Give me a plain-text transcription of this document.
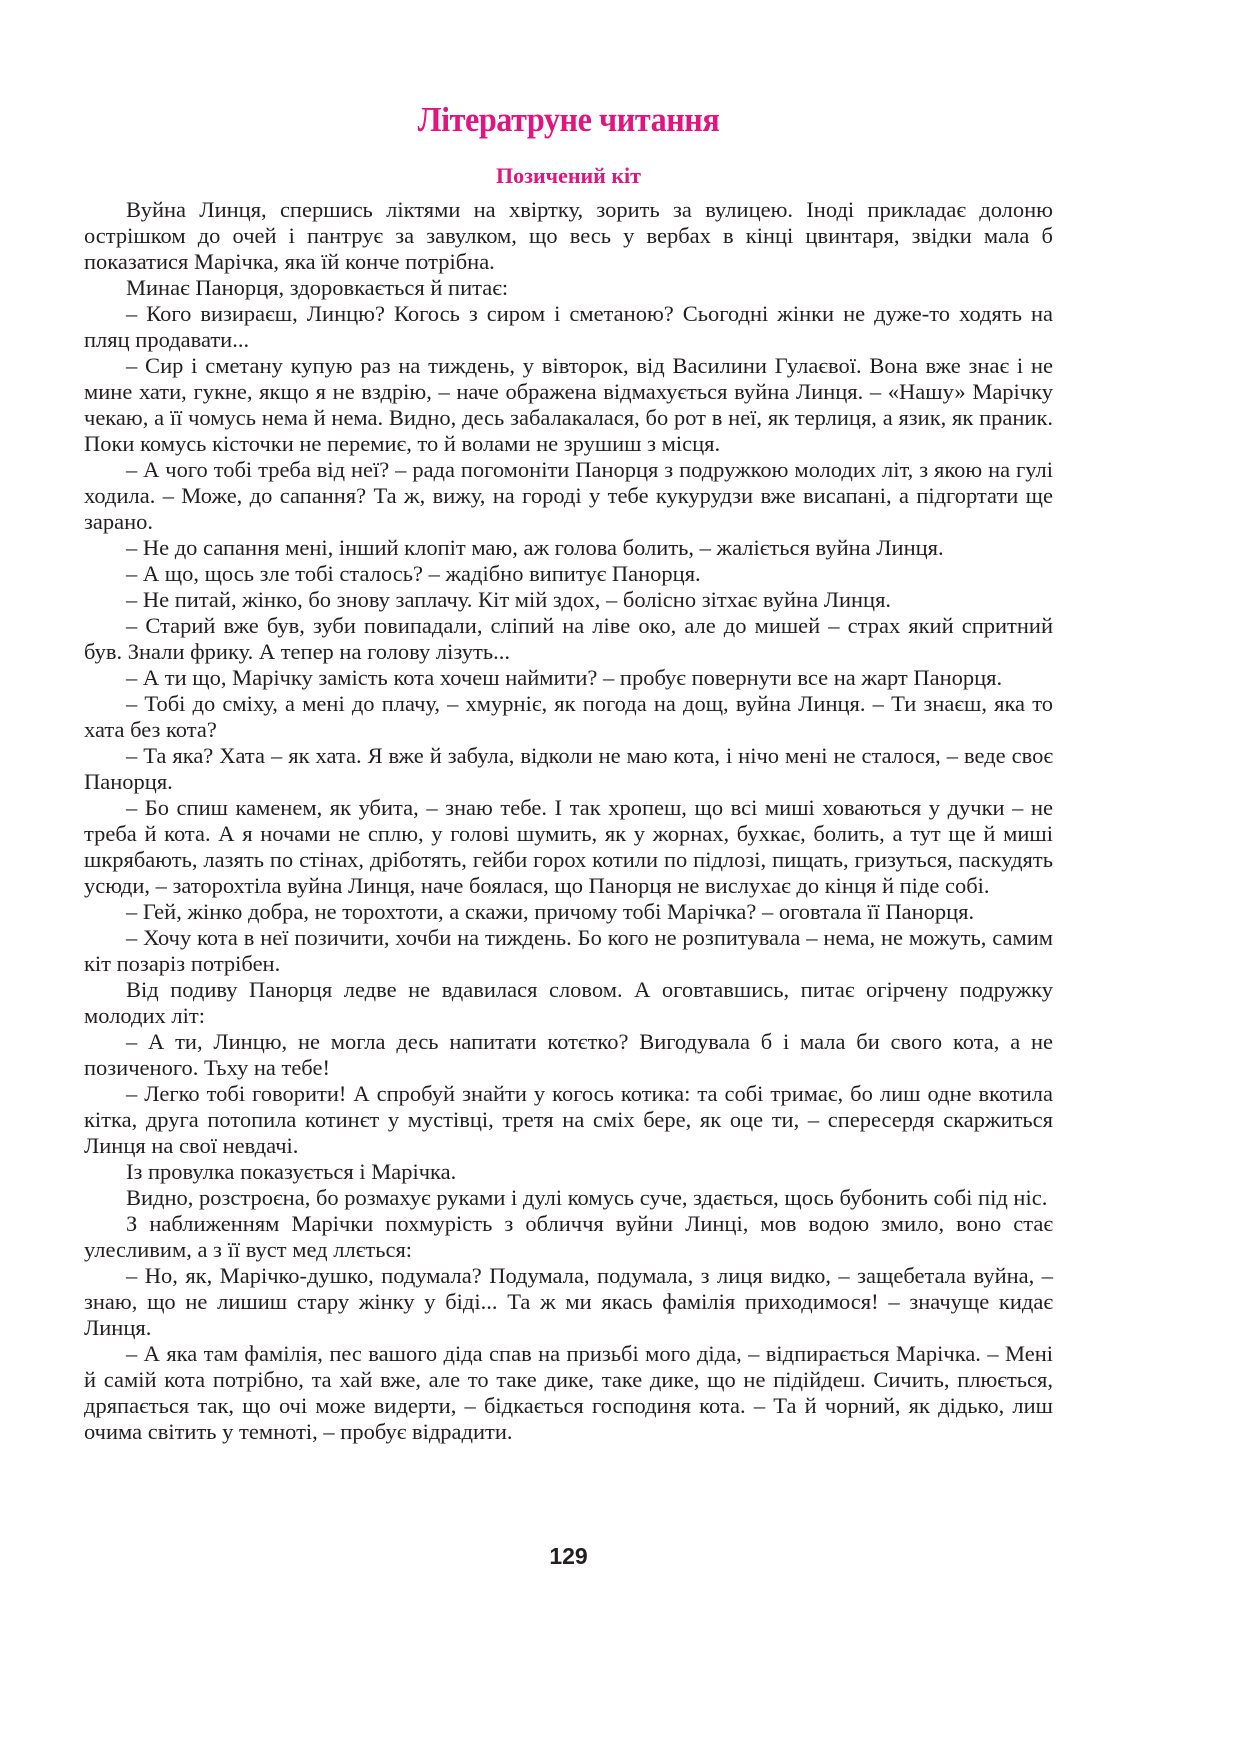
Літератруне читання
Позичений кіт

Вуйна Линця, спершись ліктями на хвіртку, зорить за вулицею. Іноді прикладає долоню острішком до очей і пантрує за завулком, що весь у вербах в кінці цвинтаря, звідки мала б показатися Марічка, яка їй конче потрібна.

Минає Панорця, здоровкається й питає:

– Кого визираєш, Линцю? Когось з сиром і сметаною? Сьогодні жінки не дуже-то ходять на пляц продавати...

– Сир і сметану купую раз на тиждень, у вівторок, від Василини Гулаєвої. Вона вже знає і не мине хати, гукне, якщо я не вздрію, – наче ображена відмахується вуйна Линця. – «Нашу» Марічку чекаю, а її чомусь нема й нема. Видно, десь забалакалася, бо рот в неї, як терлиця, а язик, як праник. Поки комусь кісточки не перемиє, то й волами не зрушиш з місця.

– А чого тобі треба від неї? – рада погомоніти Панорця з подружкою молодих літ, з якою на гулі ходила. – Може, до сапання? Та ж, вижу, на городі у тебе кукурудзи вже висапані, а підгортати ще зарано.

– Не до сапання мені, інший клопіт маю, аж голова болить, – жаліється вуйна Линця.

– А що, щось зле тобі сталось? – жадібно випитує Панорця.

– Не питай, жінко, бо знову заплачу. Кіт мій здох, – болісно зітхає вуйна Линця.

– Старий вже був, зуби повипадали, сліпий на ліве око, але до мишей – страх який спритний був. Знали фрику. А тепер на голову лізуть...

– А ти що, Марічку замість кота хочеш наймити? – пробує повернути все на жарт Панорця.

– Тобі до сміху, а мені до плачу, – хмурніє, як погода на дощ, вуйна Линця. – Ти знаєш, яка то хата без кота?

– Та яка? Хата – як хата. Я вже й забула, відколи не маю кота, і нічо мені не сталося, – веде своє Панорця.

– Бо спиш каменем, як убита, – знаю тебе. І так хропеш, що всі миші ховаються у дучки – не треба й кота. А я ночами не сплю, у голові шумить, як у жорнах, бухкає, болить, а тут ще й миші шкрябають, лазять по стінах, дріботять, гейби горох котили по підлозі, пищать, гризуться, паскудять усюди, – заторохтіла вуйна Линця, наче боялася, що Панорця не вислухає до кінця й піде собі.

– Гей, жінко добра, не торохтоти, а скажи, причому тобі Марічка? – оговтала її Панорця.

– Хочу кота в неї позичити, хочби на тиждень. Бо кого не розпитувала – нема, не можуть, самим кіт позаріз потрібен.

Від подиву Панорця ледве не вдавилася словом. А оговтавшись, питає огірчену подружку молодих літ:

– А ти, Линцю, не могла десь напитати котєтко? Вигодувала б і мала би свого кота, а не позиченого. Тьху на тебе!

– Легко тобі говорити! А спробуй знайти у когось котика: та собі тримає, бо лиш одне вкотила кітка, друга потопила котинєт у мустівці, третя на сміх бере, як оце ти, – спересердя скаржиться Линця на свої невдачі.

Із провулка показується і Марічка.

Видно, розстроєна, бо розмахує руками і дулі комусь суче, здається, щось бубонить собі під ніс.

З наближенням Марічки похмурість з обличчя вуйни Линці, мов водою змило, воно стає улесливим, а з її вуст мед ллється:

– Но, як, Марічко-душко, подумала? Подумала, подумала, з лиця видко, – защебетала вуйна, – знаю, що не лишиш стару жінку у біді... Та ж ми якась фамілія приходимося! – значуще кидає Линця.

– А яка там фамілія, пес вашого діда спав на призьбі мого діда, – відпирається Марічка. – Мені й самій кота потрібно, та хай вже, але то таке дике, таке дике, що не підійдеш. Сичить, плюється, дряпається так, що очі може видерти, – бідкається господиня кота. – Та й чорний, як дідько, лиш очима світить у темноті, – пробує відрадити.

129
